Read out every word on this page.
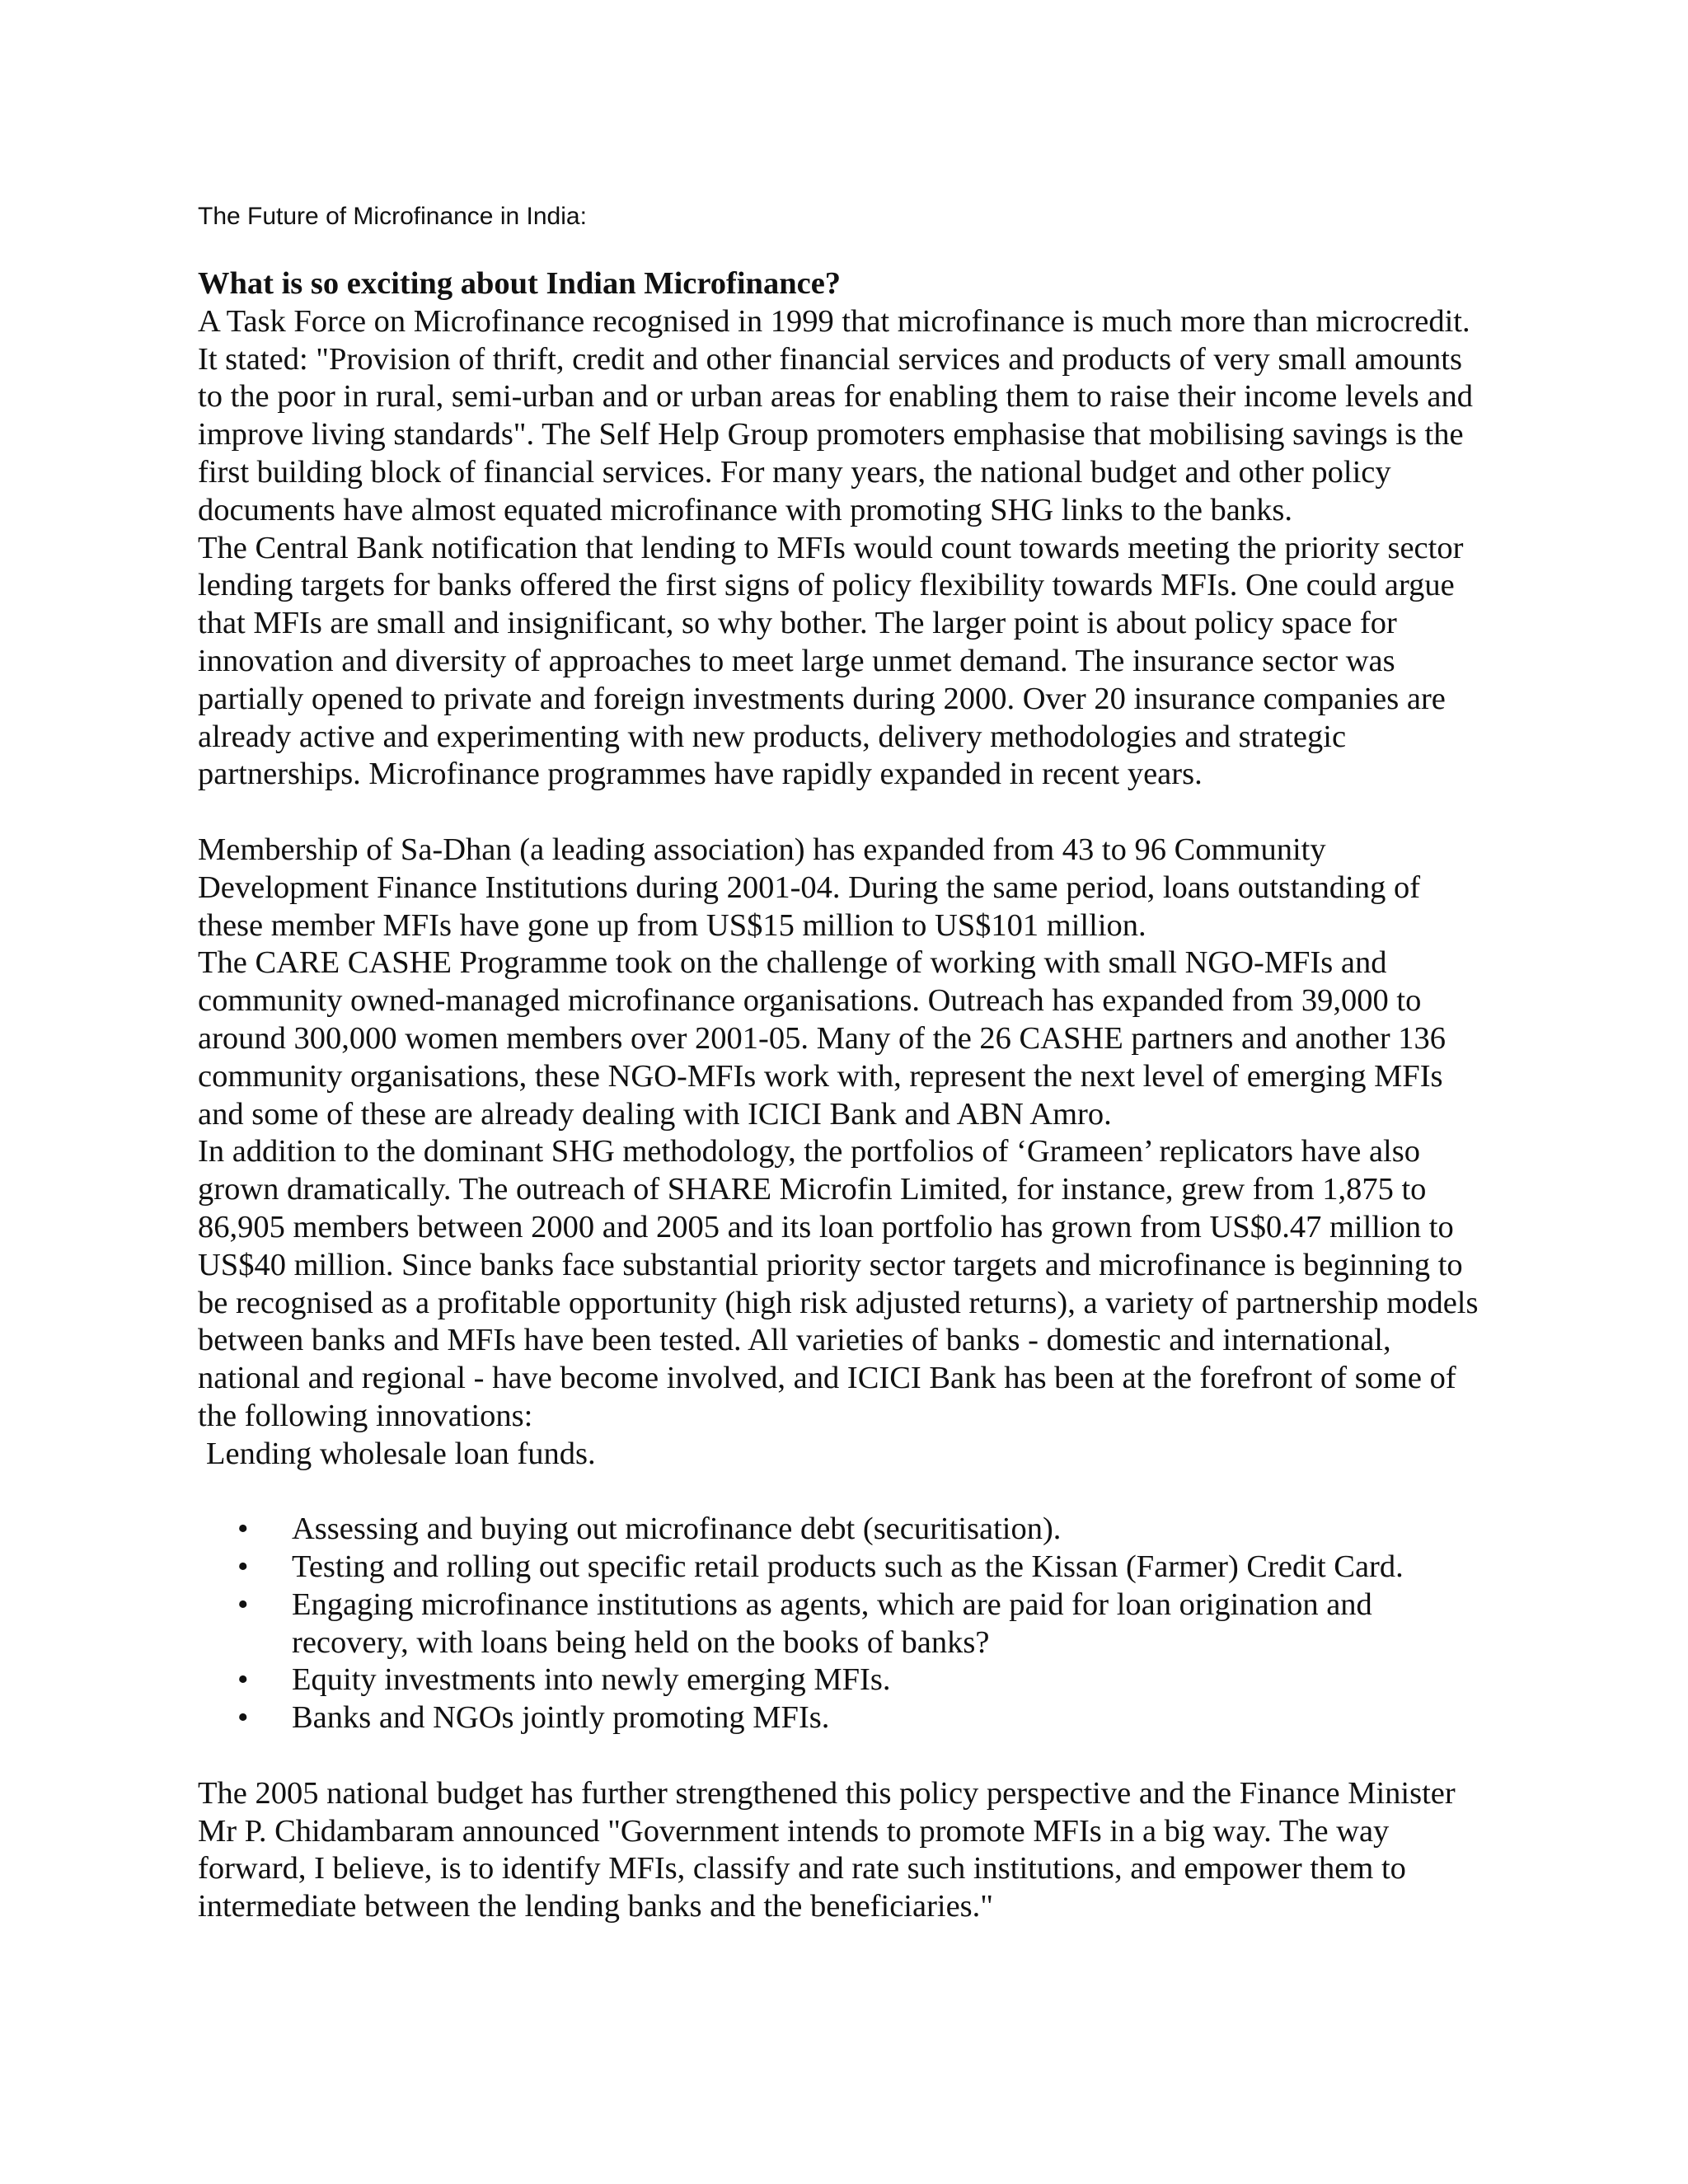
The Future of Microfinance in India:

What is so exciting about Indian Microfinance?

A Task Force on Microfinance recognised in 1999 that microfinance is much more than microcredit. It stated: "Provision of thrift, credit and other financial services and products of very small amounts to the poor in rural, semi-urban and or urban areas for enabling them to raise their income levels and improve living standards". The Self Help Group promoters emphasise that mobilising savings is the first building block of financial services. For many years, the national budget and other policy documents have almost equated microfinance with promoting SHG links to the banks.

The Central Bank notification that lending to MFIs would count towards meeting the priority sector lending targets for banks offered the first signs of policy flexibility towards MFIs. One could argue that MFIs are small and insignificant, so why bother. The larger point is about policy space for innovation and diversity of approaches to meet large unmet demand. The insurance sector was partially opened to private and foreign investments during 2000. Over 20 insurance companies are already active and experimenting with new products, delivery methodologies and strategic partnerships. Microfinance programmes have rapidly expanded in recent years.

Membership of Sa-Dhan (a leading association) has expanded from 43 to 96 Community Development Finance Institutions during 2001-04. During the same period, loans outstanding of these member MFIs have gone up from US$15 million to US$101 million.

The CARE CASHE Programme took on the challenge of working with small NGO-MFIs and community owned-managed microfinance organisations. Outreach has expanded from 39,000 to around 300,000 women members over 2001-05. Many of the 26 CASHE partners and another 136 community organisations, these NGO-MFIs work with, represent the next level of emerging MFIs and some of these are already dealing with ICICI Bank and ABN Amro.

In addition to the dominant SHG methodology, the portfolios of ‘Grameen’ replicators have also grown dramatically. The outreach of SHARE Microfin Limited, for instance, grew from 1,875 to 86,905 members between 2000 and 2005 and its loan portfolio has grown from US$0.47 million to US$40 million. Since banks face substantial priority sector targets and microfinance is beginning to be recognised as a profitable opportunity (high risk adjusted returns), a variety of partnership models between banks and MFIs have been tested. All varieties of banks - domestic and international, national and regional - have become involved, and ICICI Bank has been at the forefront of some of the following innovations:

Lending wholesale loan funds.

• Assessing and buying out microfinance debt (securitisation).
• Testing and rolling out specific retail products such as the Kissan (Farmer) Credit Card.
• Engaging microfinance institutions as agents, which are paid for loan origination and recovery, with loans being held on the books of banks?
• Equity investments into newly emerging MFIs.
• Banks and NGOs jointly promoting MFIs.

The 2005 national budget has further strengthened this policy perspective and the Finance Minister Mr P. Chidambaram announced "Government intends to promote MFIs in a big way. The way forward, I believe, is to identify MFIs, classify and rate such institutions, and empower them to intermediate between the lending banks and the beneficiaries."
